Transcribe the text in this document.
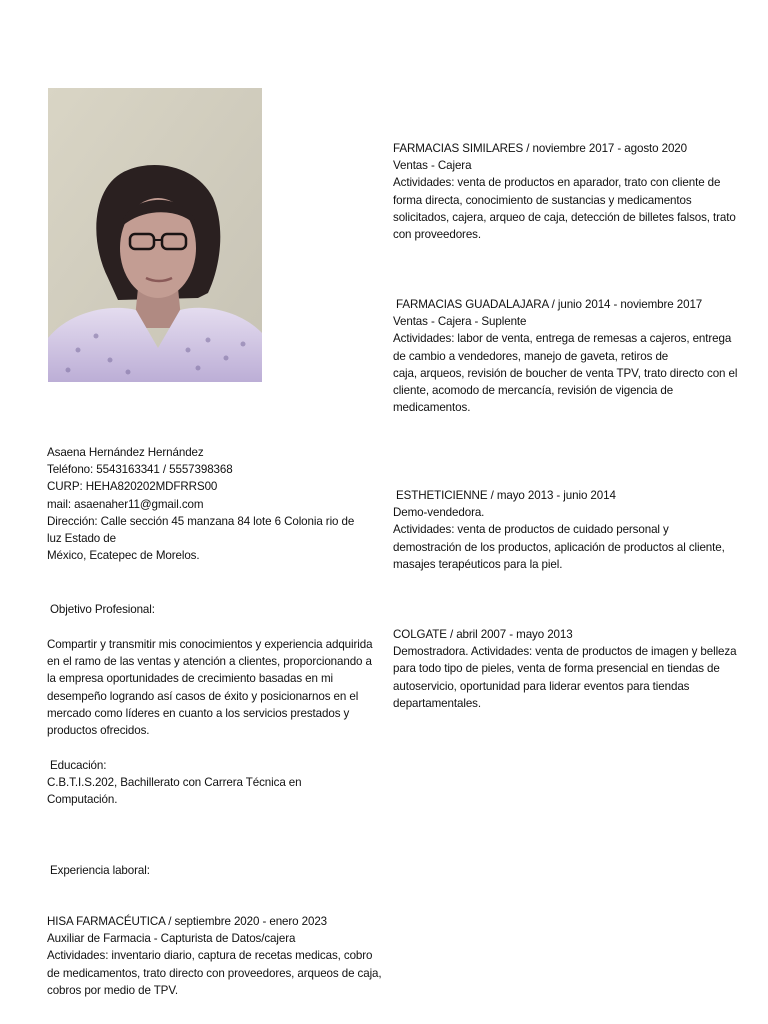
Asaena Hernández Hernández

Teléfono: 5543163341 / 5557398368

CURP: HEHA820202MDFRRS00

mail: asaenaher11@gmail.com

Dirección: Calle sección 45 manzana 84 lote 6 Colonia rio de

luz Estado de

México, Ecatepec de Morelos.

Objetivo Profesional:
Compartir y transmitir mis conocimientos y experiencia adquirida en el ramo de las ventas y atención a clientes, proporcionando a la empresa oportunidades de crecimiento basadas en mi desempeño logrando así casos de éxito y posicionarnos en el mercado como líderes en cuanto a los servicios prestados y productos ofrecidos.
Educación:
C.B.T.I.S.202, Bachillerato con Carrera Técnica en Computación.
Experiencia laboral:

HISA FARMACÉUTICA / septiembre 2020 - enero 2023

Auxiliar de Farmacia - Capturista de Datos/cajera

Actividades: inventario diario, captura de recetas medicas, cobro de medicamentos, trato directo con proveedores, arqueos de caja, cobros por medio de TPV.

FARMACIAS SIMILARES / noviembre 2017 - agosto 2020

Ventas - Cajera

Actividades: venta de productos en aparador, trato con cliente de forma directa, conocimiento de sustancias y medicamentos solicitados, cajera, arqueo de caja, detección de billetes falsos, trato con proveedores.

FARMACIAS GUADALAJARA / junio 2014 - noviembre 2017

Ventas - Cajera - Suplente

Actividades: labor de venta, entrega de remesas a cajeros, entrega de cambio a vendedores, manejo de gaveta, retiros de

caja, arqueos, revisión de boucher de venta TPV, trato directo con el cliente, acomodo de mercancía, revisión de vigencia de medicamentos.

ESTHETICIENNE / mayo 2013 - junio 2014

Demo-vendedora.

Actividades: venta de productos de cuidado personal y demostración de los productos, aplicación de productos al cliente, masajes terapéuticos para la piel.

COLGATE / abril 2007 - mayo 2013

Demostradora. Actividades: venta de productos de imagen y belleza para todo tipo de pieles, venta de forma presencial en tiendas de

autoservicio, oportunidad para liderar eventos para tiendas departamentales.
